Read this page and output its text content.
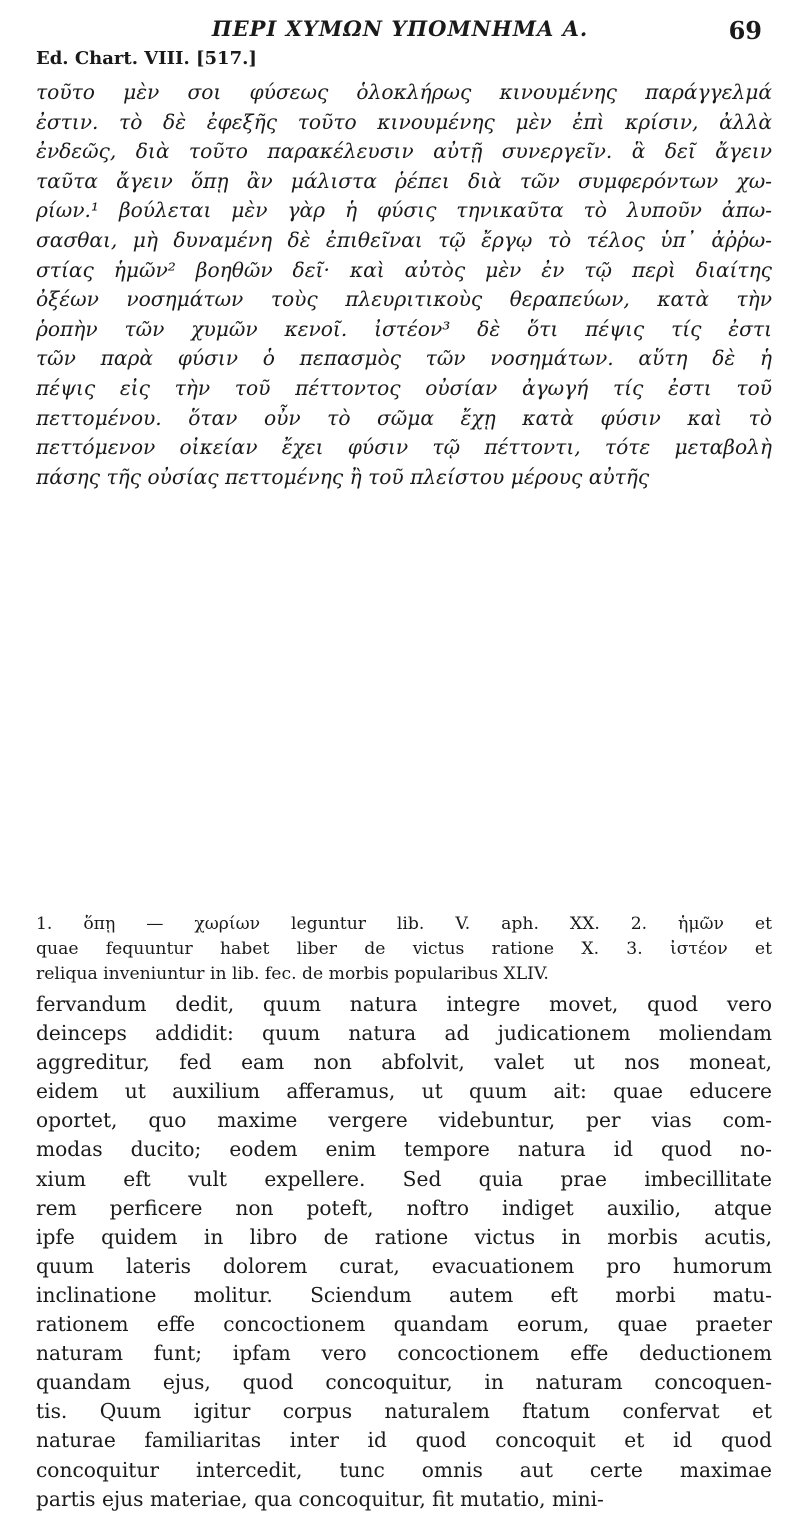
ΠΕΡΙ ΧΥΜΩΝ ΥΠΟΜΝΗΜΑ Α.	69
Ed. Chart. VIII. [517.]
τοῦτο μὲν σοι φύσεως ὁλοκλήρως κινουμένης παράγγελμά
ἐστιν. τὸ δὲ ἐφεξῆς τοῦτο κινουμένης μὲν ἐπὶ κρίσιν, ἀλλὰ
ἐνδεῶς, διὰ τοῦτο παρακέλευσιν αὐτῇ συνεργεῖν. ἃ δεῖ ἄγειν
ταῦτα ἄγειν ὅπῃ ἂν μάλιστα ῥέπει διὰ τῶν συμφερόντων χω-
ρίων.¹ βούλεται μὲν γὰρ ἡ φύσις τηνικαῦτα τὸ λυποῦν ἀπω-
σασθαι, μὴ δυναμένη δὲ ἐπιθεῖναι τῷ ἔργῳ τὸ τέλος ὑπ᾽ ἀῤῥω-
στίας ἡμῶν² βοηθῶν δεῖ· καὶ αὐτὸς μὲν ἐν τῷ περὶ διαίτης
ὀξέων νοσημάτων τοὺς πλευριτικοὺς θεραπεύων, κατὰ τὴν
ῥοπὴν τῶν χυμῶν κενοῖ. ἰστέον³ δὲ ὅτι πέψις τίς ἐστι
τῶν παρὰ φύσιν ὁ πεπασμὸς τῶν νοσημάτων. αὕτη δὲ ἡ
πέψις εἰς τὴν τοῦ πέττοντος οὐσίαν ἀγωγή τίς ἐστι τοῦ
πεττομένου. ὅταν οὖν τὸ σῶμα ἔχῃ κατὰ φύσιν καὶ τὸ
πεττόμενον οἰκείαν ἔχει φύσιν τῷ πέττοντι, τότε μεταβολὴ
πάσης τῆς οὐσίας πεττομένης ἢ τοῦ πλείστου μέρους αὐτῆς
1. ὅπῃ — χωρίων leguntur lib. V. aph. XX. 2. ἡμῶν et
quae fequuntur habet liber de victus ratione X. 3. ἰστέον et
reliqua inveniuntur in lib. fec. de morbis popularibus XLIV.
fervandum dedit, quum natura integre movet, quod vero
deinceps addidit: quum natura ad judicationem moliendam
aggreditur, fed eam non abfolvit, valet ut nos moneat,
eidem ut auxilium afferamus, ut quum ait: quae educere
oportet, quo maxime vergere videbuntur, per vias com-
modas ducito; eodem enim tempore natura id quod no-
xium eft vult expellere. Sed quia prae imbecillitate
rem perficere non poteft, noftro indiget auxilio, atque
ipfe quidem in libro de ratione victus in morbis acutis,
quum lateris dolorem curat, evacuationem pro humorum
inclinatione molitur. Sciendum autem eft morbi matu-
rationem effe concoctionem quandam eorum, quae praeter
naturam funt; ipfam vero concoctionem effe deductionem
quandam ejus, quod concoquitur, in naturam concoquen-
tis. Quum igitur corpus naturalem ftatum confervat et
naturae familiaritas inter id quod concoquit et id quod
concoquitur intercedit, tunc omnis aut certe maximae
partis ejus materiae, qua concoquitur, fit mutatio, mini-
